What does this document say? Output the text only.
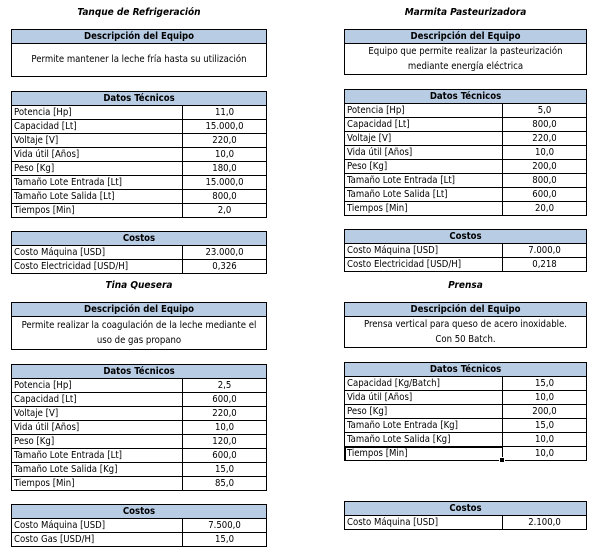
Tanque de Refrigeración
Descripción del Equipo
Permite mantener la leche fría hasta su utilización
Datos Técnicos
Potencia [Hp]	11,0
Capacidad [Lt]	15.000,0
Voltaje [V]	220,0
Vida útil [Años]	10,0
Peso [Kg]	180,0
Tamaño Lote Entrada [Lt]	15.000,0
Tamaño Lote Salida [Lt]	800,0
Tiempos [Min]	2,0
Costos
Costo Máquina [USD]	23.000,0
Costo Electricidad [USD/H]	0,326
Marmita Pasteurizadora
Descripción del Equipo
Equipo que permite realizar la pasteurización mediante energía eléctrica
Datos Técnicos
Potencia [Hp]	5,0
Capacidad [Lt]	800,0
Voltaje [V]	220,0
Vida útil [Años]	10,0
Peso [Kg]	200,0
Tamaño Lote Entrada [Lt]	800,0
Tamaño Lote Salida [Lt]	600,0
Tiempos [Min]	20,0
Costos
Costo Máquina [USD]	7.000,0
Costo Electricidad [USD/H]	0,218
Tina Quesera
Descripción del Equipo
Permite realizar la coagulación de la leche mediante el uso de gas propano
Datos Técnicos
Potencia [Hp]	2,5
Capacidad [Lt]	600,0
Voltaje [V]	220,0
Vida útil [Años]	10,0
Peso [Kg]	120,0
Tamaño Lote Entrada [Lt]	600,0
Tamaño Lote Salida [Kg]	15,0
Tiempos [Min]	85,0
Costos
Costo Máquina [USD]	7.500,0
Costo Gas [USD/H]	15,0
Prensa
Descripción del Equipo
Prensa vertical para queso de acero inoxidable. Con 50 Batch.
Datos Técnicos
Capacidad [Kg/Batch]	15,0
Vida útil [Años]	10,0
Peso [Kg]	200,0
Tamaño Lote Entrada [Kg]	15,0
Tamaño Lote Salida [Kg]	10,0
Tiempos [Min]	10,0
Costos
Costo Máquina [USD]	2.100,0
